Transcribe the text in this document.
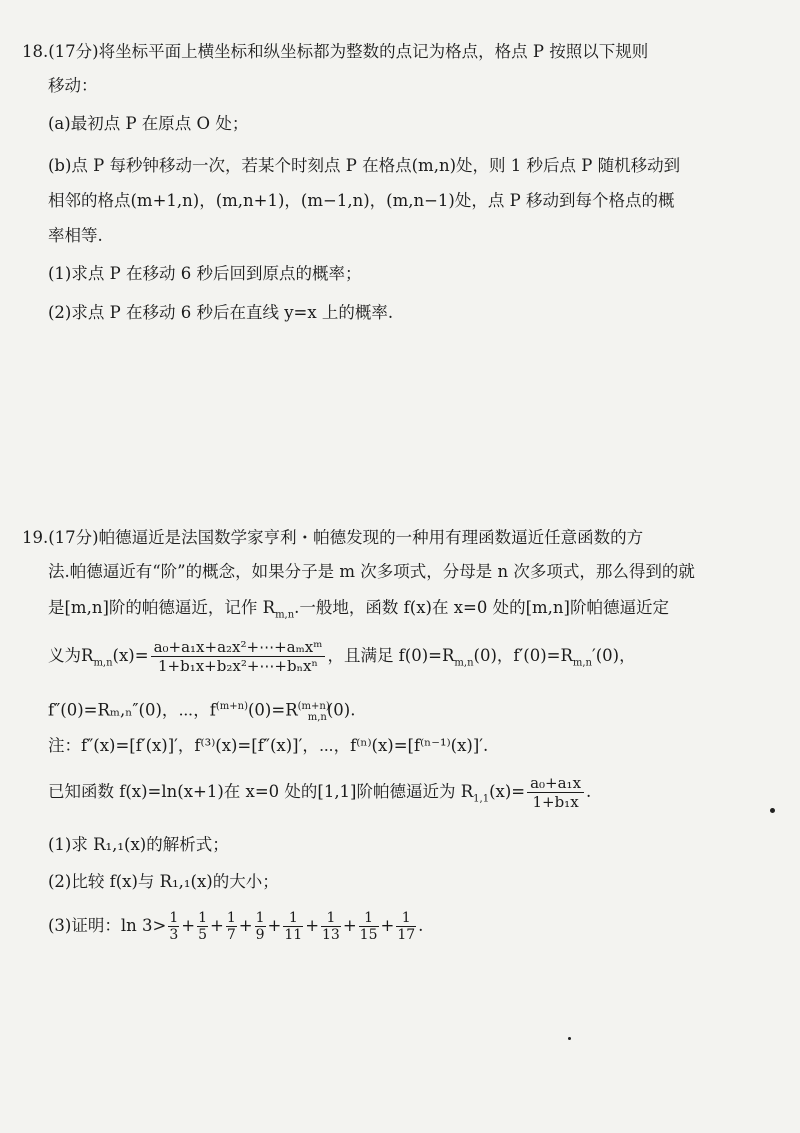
18.(17分)将坐标平面上横坐标和纵坐标都为整数的点记为格点，格点 P 按照以下规则
移动：
(a)最初点 P 在原点 O 处；
(b)点 P 每秒钟移动一次，若某个时刻点 P 在格点(m,n)处，则 1 秒后点 P 随机移动到
相邻的格点(m+1,n)，(m,n+1)，(m−1,n)，(m,n−1)处，点 P 移动到每个格点的概
率相等.
(1)求点 P 在移动 6 秒后回到原点的概率；
(2)求点 P 在移动 6 秒后在直线 y=x 上的概率.
19.(17分)帕德逼近是法国数学家亨利・帕德发现的一种用有理函数逼近任意函数的方
法.帕德逼近有“阶”的概念，如果分子是 m 次多项式，分母是 n 次多项式，那么得到的就
是[m,n]阶的帕德逼近，记作 $R_{m,n}$.一般地，函数 f(x)在 x=0 处的[m,n]阶帕德逼近定
义为$R_{m,n}(x)= \frac{\text{a₀+a₁x+a₂x²+⋯+aₘxᵐ}}{\text{1+b₁x+b₂x²+⋯+bₙxⁿ}}$ ，且满足 $f(0)=R_{m,n}(0)$，$f'(0)=R_{m,n}'(0)$，
f″(0)=Rₘ,ₙ″(0)，⋯，$f^{(m+n)}(0)=R^{(m+n)}_{m,n}(0)$.
注：f″(x)=[f′(x)]′，f⁽³⁾(x)=[f″(x)]′，⋯，f⁽ⁿ⁾(x)=[f⁽ⁿ⁻¹⁾(x)]′.
已知函数 f(x)=ln(x+1)在 x=0 处的[1,1]阶帕德逼近为 $R_{1,1}(x)= \frac{\text{a₀+a₁x}}{\text{1+b₁x}}$ .
(1)求 R₁,₁(x)的解析式；
(2)比较 f(x)与 R₁,₁(x)的大小；
(3)证明：$\ln 3> \frac{1}{3} + \frac{1}{5} + \frac{1}{7} + \frac{1}{9} + \frac{1}{11} + \frac{1}{13} + \frac{1}{15} + \frac{1}{17}$ .
